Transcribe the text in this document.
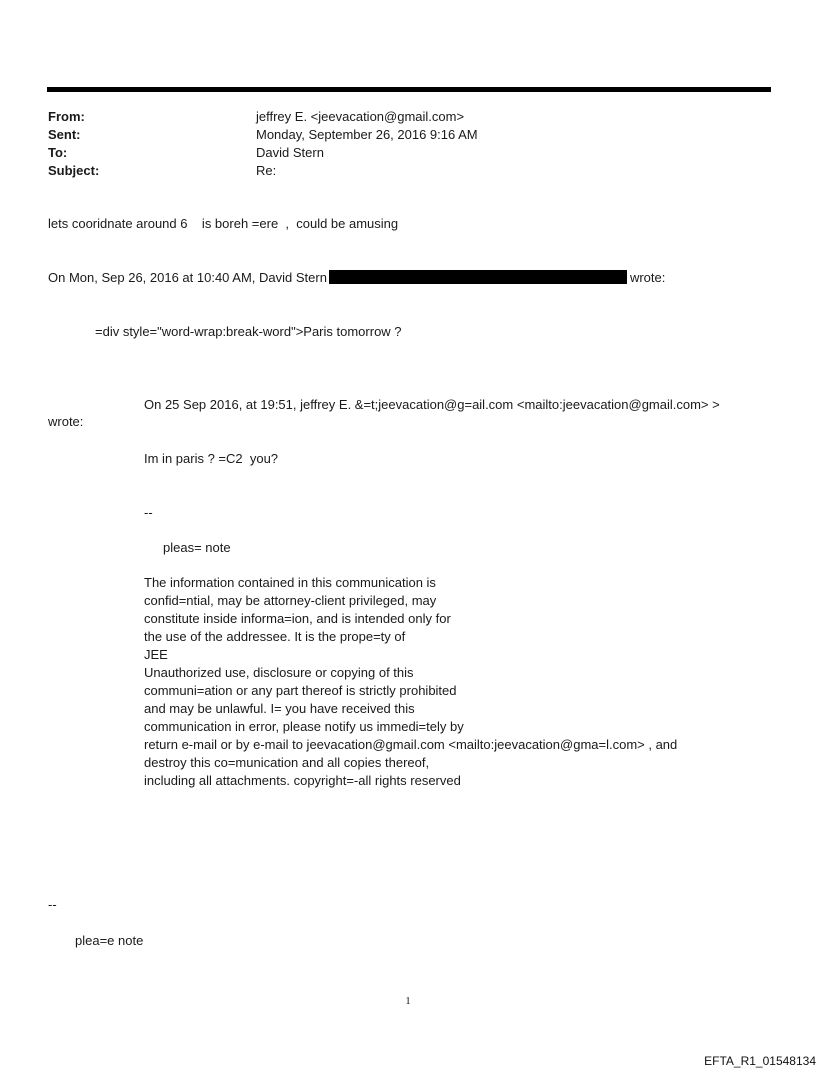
From:	jeffrey E. <jeevacation@gmail.com>
Sent:	Monday, September 26, 2016 9:16 AM
To:	David Stern
Subject:	Re:
lets cooridnate around 6    is boreh =ere  ,  could be amusing
On Mon, Sep 26, 2016 at 10:40 AM, David Stern	wrote:
=div style="word-wrap:break-word">Paris tomorrow ?
On 25 Sep 2016, at 19:51, jeffrey E. &=t;jeevacation@g=ail.com <mailto:jeevacation@gmail.com> >
wrote:
Im in paris ? =C2  you?
--
pleas= note
The information contained in this communication is
confid=ntial, may be attorney-client privileged, may
constitute inside informa=ion, and is intended only for
the use of the addressee. It is the prope=ty of
JEE
Unauthorized use, disclosure or copying of this
communi=ation or any part thereof is strictly prohibited
and may be unlawful. I= you have received this
communication in error, please notify us immedi=tely by
return e-mail or by e-mail to jeevacation@gmail.com <mailto:jeevacation@gma=l.com> , and
destroy this co=munication and all copies thereof,
including all attachments. copyright=-all rights reserved
--
plea=e note
1
EFTA_R1_01548134
